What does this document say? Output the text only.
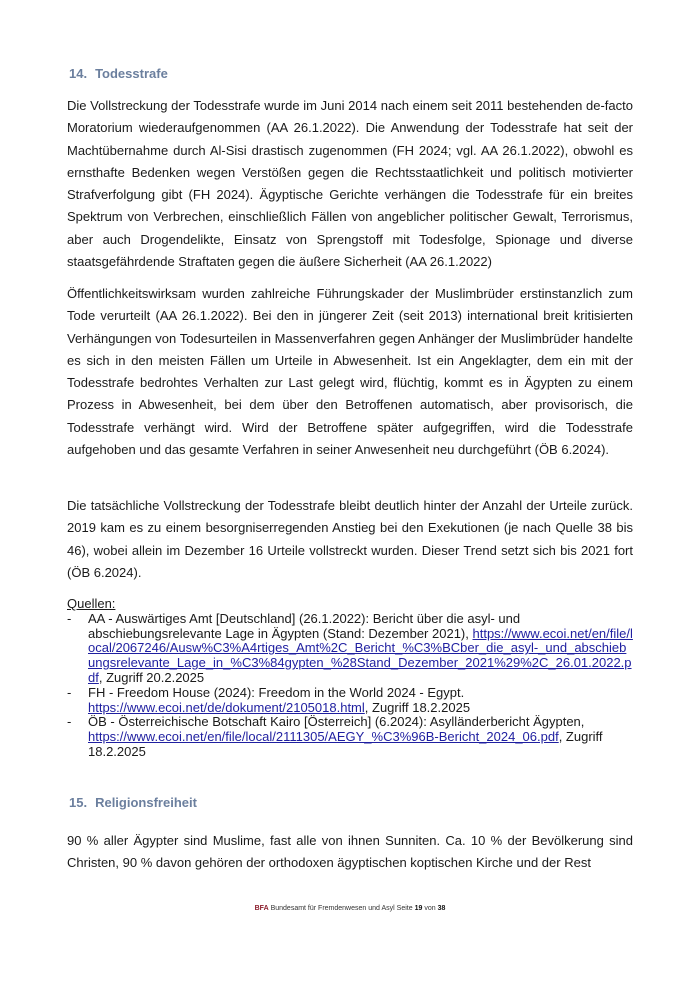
14. Todesstrafe

Die Vollstreckung der Todesstrafe wurde im Juni 2014 nach einem seit 2011 bestehenden de-facto Moratorium wiederaufgenommen (AA 26.1.2022). Die Anwendung der Todesstrafe hat seit der Machtübernahme durch Al-Sisi drastisch zugenommen (FH 2024; vgl. AA 26.1.2022), obwohl es ernsthafte Bedenken wegen Verstößen gegen die Rechtsstaatlichkeit und politisch motivierter Strafverfolgung gibt (FH 2024). Ägyptische Gerichte verhängen die Todesstrafe für ein breites Spektrum von Verbrechen, einschließlich Fällen von angeblicher politischer Gewalt, Terrorismus, aber auch Drogendelikte, Einsatz von Sprengstoff mit Todesfolge, Spionage und diverse staatsgefährdende Straftaten gegen die äußere Sicherheit (AA 26.1.2022)

Öffentlichkeitswirksam wurden zahlreiche Führungskader der Muslimbrüder erstinstanzlich zum Tode verurteilt (AA 26.1.2022). Bei den in jüngerer Zeit (seit 2013) international breit kritisierten Verhängungen von Todesurteilen in Massenverfahren gegen Anhänger der Muslimbrüder handelte es sich in den meisten Fällen um Urteile in Abwesenheit. Ist ein Angeklagter, dem ein mit der Todesstrafe bedrohtes Verhalten zur Last gelegt wird, flüchtig, kommt es in Ägypten zu einem Prozess in Abwesenheit, bei dem über den Betroffenen automatisch, aber provisorisch, die Todesstrafe verhängt wird. Wird der Betroffene später aufgegriffen, wird die Todesstrafe aufgehoben und das gesamte Verfahren in seiner Anwesenheit neu durchgeführt (ÖB 6.2024).

Die tatsächliche Vollstreckung der Todesstrafe bleibt deutlich hinter der Anzahl der Urteile zurück. 2019 kam es zu einem besorgniserregenden Anstieg bei den Exekutionen (je nach Quelle 38 bis 46), wobei allein im Dezember 16 Urteile vollstreckt wurden. Dieser Trend setzt sich bis 2021 fort (ÖB 6.2024).

Quellen:

- AA - Auswärtiges Amt [Deutschland] (26.1.2022): Bericht über die asyl- und abschiebungsrelevante Lage in Ägypten (Stand: Dezember 2021), https://www.ecoi.net/en/file/local/2067246/Ausw%C3%A4rtiges_Amt%2C_Bericht_%C3%BCber_die_asyl-_und_abschiebungsrelevante_Lage_in_%C3%84gypten_%28Stand_Dezember_2021%29%2C_26.01.2022.pdf, Zugriff 20.2.2025
- FH - Freedom House (2024): Freedom in the World 2024 - Egypt.
https://www.ecoi.net/de/dokument/2105018.html, Zugriff 18.2.2025
- ÖB - Österreichische Botschaft Kairo [Österreich] (6.2024): Asylländerbericht Ägypten,
https://www.ecoi.net/en/file/local/2111305/AEGY_%C3%96B-Bericht_2024_06.pdf, Zugriff 18.2.2025
15. Religionsfreiheit

90 % aller Ägypter sind Muslime, fast alle von ihnen Sunniten. Ca. 10 % der Bevölkerung sind Christen, 90 % davon gehören der orthodoxen ägyptischen koptischen Kirche und der Rest

BFA Bundesamt für Fremdenwesen und Asyl Seite 19 von 38
